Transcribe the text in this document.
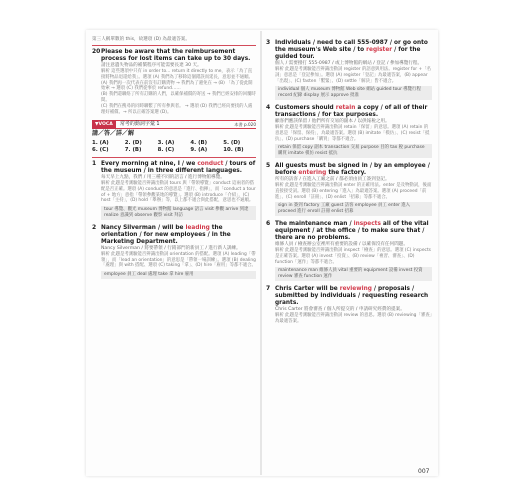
第三人稱單數的 this，故選項 (D) 為最適答案。
20 Please be aware that the reimbursement process for lost items can take up to 30 days.
請注意遺失物品的補償程序可能需要長達 30 天。
解析 這些選項中只有 in order to... return it directly to me，表示「為了直接將物品退還給我」。選項 (A) 我們為了移除這個錯誤而延長，意思並不通順。
(A) 我們再一次代表在前沒有訂購貨物 → 我們為了避免在 → (B) 「為了從此開始索 → 選項 (C) 我們從事於 refund……
(B) 我們還聯絡了所有訂購的人們，以確保補償的寄送 → 我們已經安排的回覆時間。
(C) 我們在搜尋的同時聯繫了所有參與者。 → 選項 (D) 我們已經向要找的人處理好補償。→ 所以正確答案選 (D)。
▼VOCA	常考的動詞字彙 1	本書 p.020
請／答／詳／解
1. (A)	2. (D)	3. (A)	4. (B)	5. (D)
6. (C)	7. (B)	8. (C)	9. (A)	10. (B)
1 Every morning at nine, I / we conduct / tours of the museum / in three different languages.
每天早上九點，我們 / 用三種不同的語言 / 進行博物館導覽。
解析 此題是考測驗能否辨識出動詞 tours 與「帶領導覽」conduct 這兩者的搭配是否正確。選項 (A) conduct 的意思是「進行、指揮」，而「conduct a tour of + 地方」意指「帶領參觀某地的導覽」。選項 (B) introduce「介紹」，(C) host「主持」，(D) hold「舉辦」等，以上都不適合與此搭配，意思也不通順。
tour 導覽、觀光 museum 博物館 language 語言 visit 參觀 arrive 到達 realize 意識到 observe 觀察 visit 拜訪
2 Nancy Silverman / will be leading the orientation / for new employees / in the Marketing Department.
Nancy Silverman / 將要帶領 / 行銷部門的新員工 / 進行新人訓練。
解析 此題是考測驗能否辨識出動詞 orientation 的搭配。選項 (A) leading「帶領」，而「lead an orientation」的意思是「帶領一場訓練」。選項 (B) dealing「處理」與 with 搭配、選項 (C) taking「拿」、(D) hire「雇用」等都不適合。
employee 員工 deal 處理 take 拿 hire 雇用
3 Individuals / need to call 555-0987 / or go onto the museum's Web site / to register / for the guided tour.
個人 / 需要撥打 555-0987 / 或上博物館的網站 / 登記 / 參加導覽行程。
解析 此題是考測驗能否辨識出動詞 register 的語意與用法。register for +「名詞」意思是「登記參加」。選項 (A) register「登記」為最適答案，(B) appear「出現」、(C) fasten「繫緊」、(D) settle「解決」皆不適合。
individual 個人 museum 博物館 Web site 網站 guided tour 導覽行程 record 紀錄 display 展示 approve 批准
4 Customers should retain a copy / of all of their transactions / for tax purposes.
顧客們應該保留 / 他們所有交易的副本 / 以供報稅之用。
解析 此題是考測驗能否辨識出動詞 retain「保留」的意思。選項 (A) retain 的意思是「保留、保持」，為最適答案。選項 (B) imitate「模仿」、(C) resist「抵抗」、(D) purchase「購買」等都不適合。
retain 保留 copy 副本 transaction 交易 purpose 目的 tax 稅 purchase 購買 imitate 模仿 resist 抵抗
5 All guests must be signed in / by an employee / before entering the factory.
所有的訪客 / 在進入工廠之前 / 都必須由員工簽到登記。
解析 此題是考測驗能否辨識出動詞 enter 的正確用法。enter 是及物動詞，後面直接接受詞。選項 (B) entering「進入」為最適答案。選項 (A) proceed「前進」、(C) enroll「註冊」、(D) enlist「招募」等都不適合。
sign in 簽到 factory 工廠 guest 訪客 employee 員工 enter 進入 proceed 進行 enroll 註冊 enlist 招募
6 The maintenance man / inspects all of the vital equipment / at the office / to make sure that / there are no problems.
維修人員 / 檢查辦公室裡所有重要的設備 / 以確保沒有任何問題。
解析 此題是考測驗能否辨識出動詞 inspect「檢查」的意思。選項 (C) inspects 是正確答案。選項 (A) invest「投資」、(B) review「複習、審查」、(D) function「運作」等都不適合。
maintenance man 維修人員 vital 重要的 equipment 設備 invest 投資 review 審查 function 運作
7 Chris Carter will be reviewing / proposals / submitted by individuals / requesting research grants.
Chris Carter 將會審查 / 個人所提交的 / 申請研究經費的提案。
解析 此題是考測驗能否辨識出動詞 review 的意思。選項 (B) reviewing「審查」為最適答案。
007
